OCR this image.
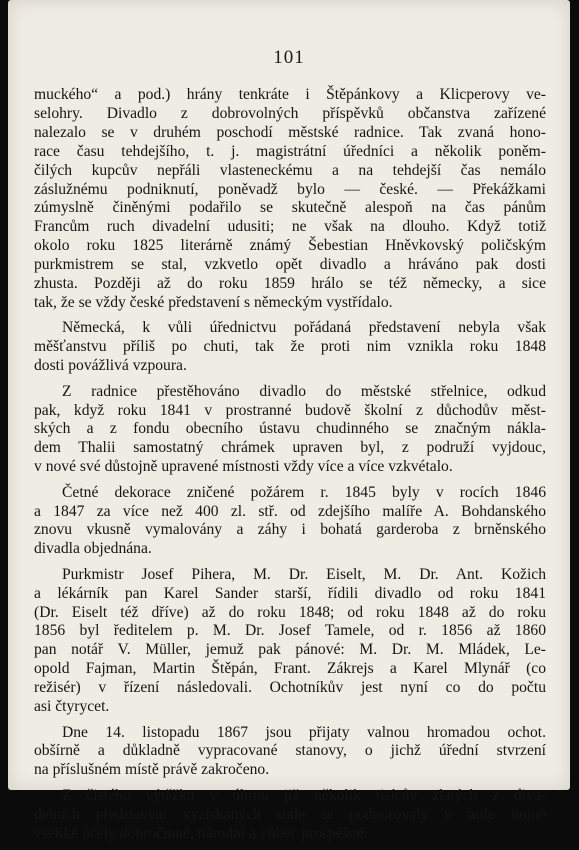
101
muckého“ a pod.) hrány tenkráte i Štěpánkovy a Klicperovy ve-
selohry. Divadlo z dobrovolných příspěvků občanstva zařízené
nalezalo se v druhém poschodí městské radnice. Tak zvaná hono-
race času tehdejšího, t. j. magistrátní úředníci a několik poněm-
čilých kupcův nepřáli vlasteneckému a na tehdejší čas nemálo
záslužnému podniknutí, poněvadž bylo — české. — Překážkami
zúmyslně činěnými podařilo se skutečně alespoň na čas pánům
Francům ruch divadelní udusiti; ne však na dlouho. Když totiž
okolo roku 1825 literárně známý Šebestian Hněvkovský poličským
purkmistrem se stal, vzkvetlo opět divadlo a hráváno pak dosti
zhusta. Později až do roku 1859 hrálo se též německy, a sice
tak, že se vždy české představení s německým vystřídalo.
Německá, k vůli úřednictvu pořádaná představení nebyla však
měšťanstvu příliš po chuti, tak že proti nim vznikla roku 1848
dosti povážlivá vzpoura.
Z radnice přestěhováno divadlo do městské střelnice, odkud
pak, když roku 1841 v prostranné budově školní z důchodův měst-
ských a z fondu obecního ústavu chudinného se značným nákla-
dem Thalii samostatný chrámek upraven byl, z podruží vyjdouc,
v nové své důstojně upravené místnosti vždy více a více vzkvétalo.
Četné dekorace zničené požárem r. 1845 byly v rocích 1846
a 1847 za více než 400 zl. stř. od zdejšího malíře A. Bohdanského
znovu vkusně vymalovány a záhy i bohatá garderoba z brněnského
divadla objednána.
Purkmistr Josef Pihera, M. Dr. Eiselt, M. Dr. Ant. Kožich
a lékárník pan Karel Sander starší, řídili divadlo od roku 1841
(Dr. Eiselt též dříve) až do roku 1848; od roku 1848 až do roku
1856 byl ředitelem p. M. Dr. Josef Tamele, od r. 1856 až 1860
pan notář V. Müller, jemuž pak pánové: M. Dr. M. Mládek, Le-
opold Fajman, Martin Štěpán, Frant. Zákrejs a Karel Mlynář (co
režisér) v řízení následovali. Ochotníkův jest nyní co do počtu
asi čtyrycet.
Dne 14. listopadu 1867 jsou přijaty valnou hromadou ochot.
obšírně a důkladně vypracované stanovy, o jichž úřední stvrzení
na příslušném místě právě zakročeno.
Z čistého výtěžku v úhrnu již několik tisícův zlatých z diva-
delních představení vyzískaných stále se podporovaly v míře hojné
všeliké účely dobročinné, národní a vůbec prospěšné.
